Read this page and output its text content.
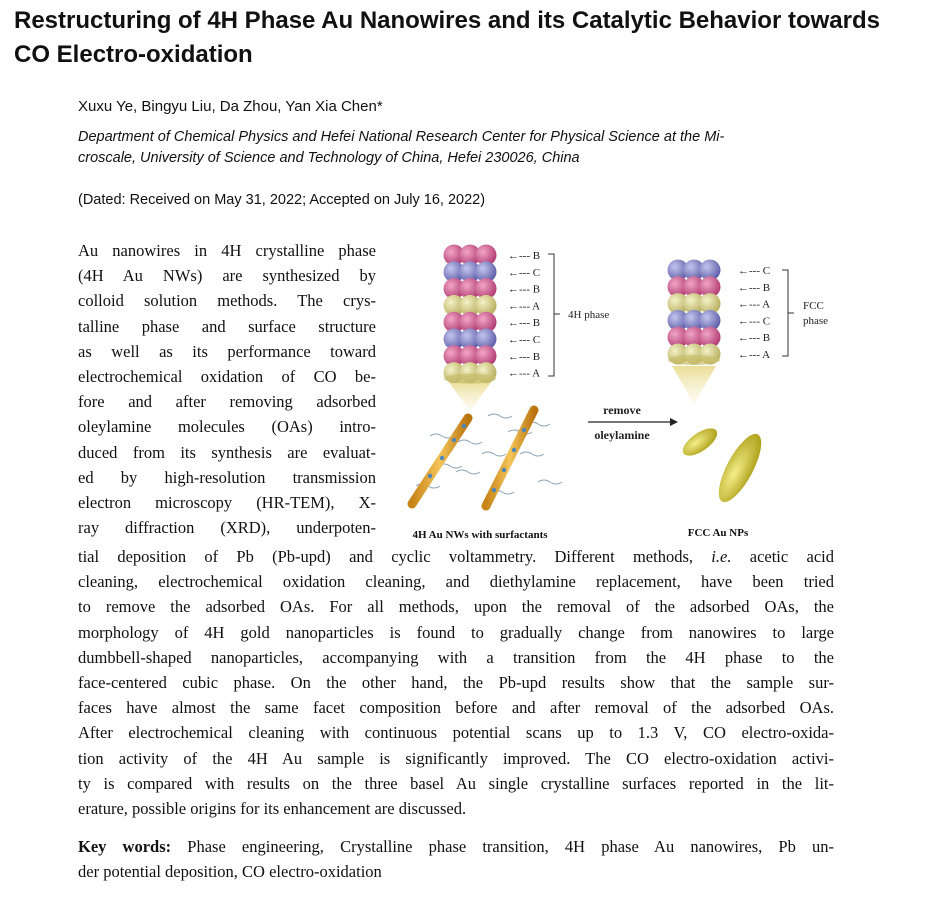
Restructuring of 4H Phase Au Nanowires and its Catalytic Behavior towards
CO Electro-oxidation
Xuxu Ye, Bingyu Liu, Da Zhou, Yan Xia Chen*
Department of Chemical Physics and Hefei National Research Center for Physical Science at the Mi-
croscale, University of Science and Technology of China, Hefei 230026, China
(Dated: Received on May 31, 2022; Accepted on July 16, 2022)
Au nanowires in 4H crystalline phase
(4H Au NWs) are synthesized by
colloid solution methods. The crys-
talline phase and surface structure
as well as its performance toward
electrochemical oxidation of CO be-
fore and after removing adsorbed
oleylamine molecules (OAs) intro-
duced from its synthesis are evaluat-
ed by high-resolution transmission
electron microscopy (HR-TEM), X-
ray diffraction (XRD), underpoten-
tial deposition of Pb (Pb-upd) and cyclic voltammetry. Different methods, i.e. acetic acid
cleaning, electrochemical oxidation cleaning, and diethylamine replacement, have been tried
to remove the adsorbed OAs. For all methods, upon the removal of the adsorbed OAs, the
morphology of 4H gold nanoparticles is found to gradually change from nanowires to large
dumbbell-shaped nanoparticles, accompanying with a transition from the 4H phase to the
face-centered cubic phase. On the other hand, the Pb-upd results show that the sample sur-
faces have almost the same facet composition before and after removal of the adsorbed OAs.
After electrochemical cleaning with continuous potential scans up to 1.3 V, CO electro-oxida-
tion activity of the 4H Au sample is significantly improved. The CO electro-oxidation activi-
ty is compared with results on the three basel Au single crystalline surfaces reported in the lit-
erature, possible origins for its enhancement are discussed.
Key words: Phase engineering, Crystalline phase transition, 4H phase Au nanowires, Pb un-
der potential deposition, CO electro-oxidation
←--- B
←--- C
←--- B
←--- A
←--- B
←--- C
←--- B
←--- A
←--- C
←--- B
←--- A
←--- C
←--- B
←--- A
4H phase
FCC
phase
remove
oleylamine
4H Au NWs with surfactants	FCC Au NPs
